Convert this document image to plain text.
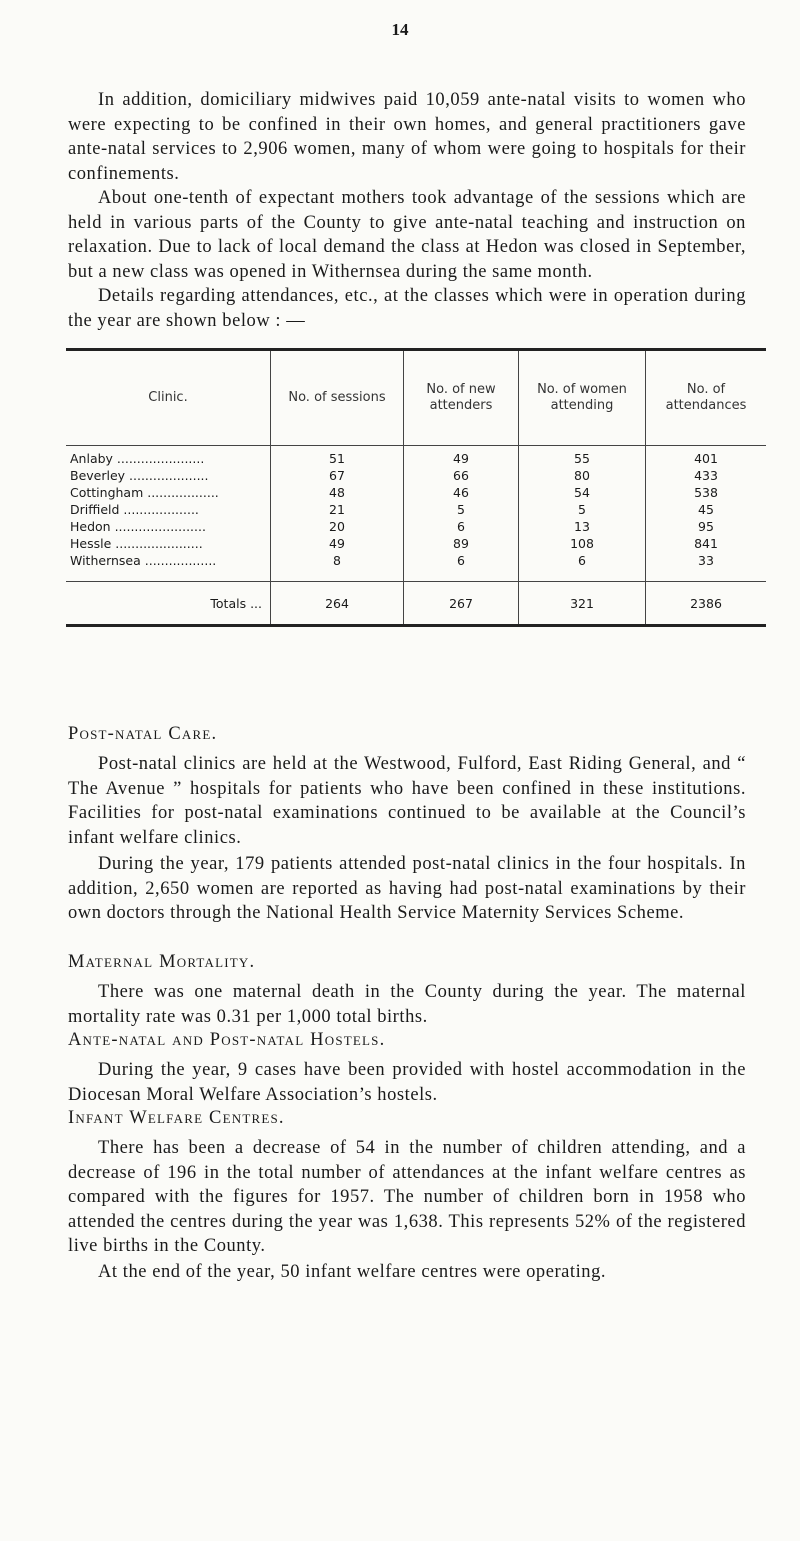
14

In addition, domiciliary midwives paid 10,059 ante-natal visits to women who were expecting to be confined in their own homes, and general practitioners gave ante-natal services to 2,906 women, many of whom were going to hospitals for their confinements.

About one-tenth of expectant mothers took advantage of the sessions which are held in various parts of the County to give ante-natal teaching and instruction on relaxation. Due to lack of local demand the class at Hedon was closed in September, but a new class was opened in Withernsea during the same month.

Details regarding attendances, etc., at the classes which were in operation during the year are shown below : —

Clinic.	No. of sessions	No. of new attenders	No. of women attending	No. of attendances
Anlaby ......................	51	49	55	401
Beverley ....................	67	66	80	433
Cottingham ..................	48	46	54	538
Driffield ...................	21	5	5	45
Hedon .......................	20	6	13	95
Hessle ......................	49	89	108	841
Withernsea ..................	8	6	6	33
Totals ...	264	267	321	2386
Post-natal Care.

Post-natal clinics are held at the Westwood, Fulford, East Riding General, and “ The Avenue ” hospitals for patients who have been confined in these institutions. Facilities for post-natal examinations continued to be available at the Council’s infant welfare clinics.

During the year, 179 patients attended post-natal clinics in the four hospitals. In addition, 2,650 women are reported as having had post-natal examinations by their own doctors through the National Health Service Maternity Services Scheme.

Maternal Mortality.

There was one maternal death in the County during the year. The maternal mortality rate was 0.31 per 1,000 total births.

Ante-natal and Post-natal Hostels.

During the year, 9 cases have been provided with hostel accommodation in the Diocesan Moral Welfare Association’s hostels.

Infant Welfare Centres.

There has been a decrease of 54 in the number of children attending, and a decrease of 196 in the total number of attendances at the infant welfare centres as compared with the figures for 1957. The number of children born in 1958 who attended the centres during the year was 1,638. This represents 52% of the registered live births in the County.

At the end of the year, 50 infant welfare centres were operating.
